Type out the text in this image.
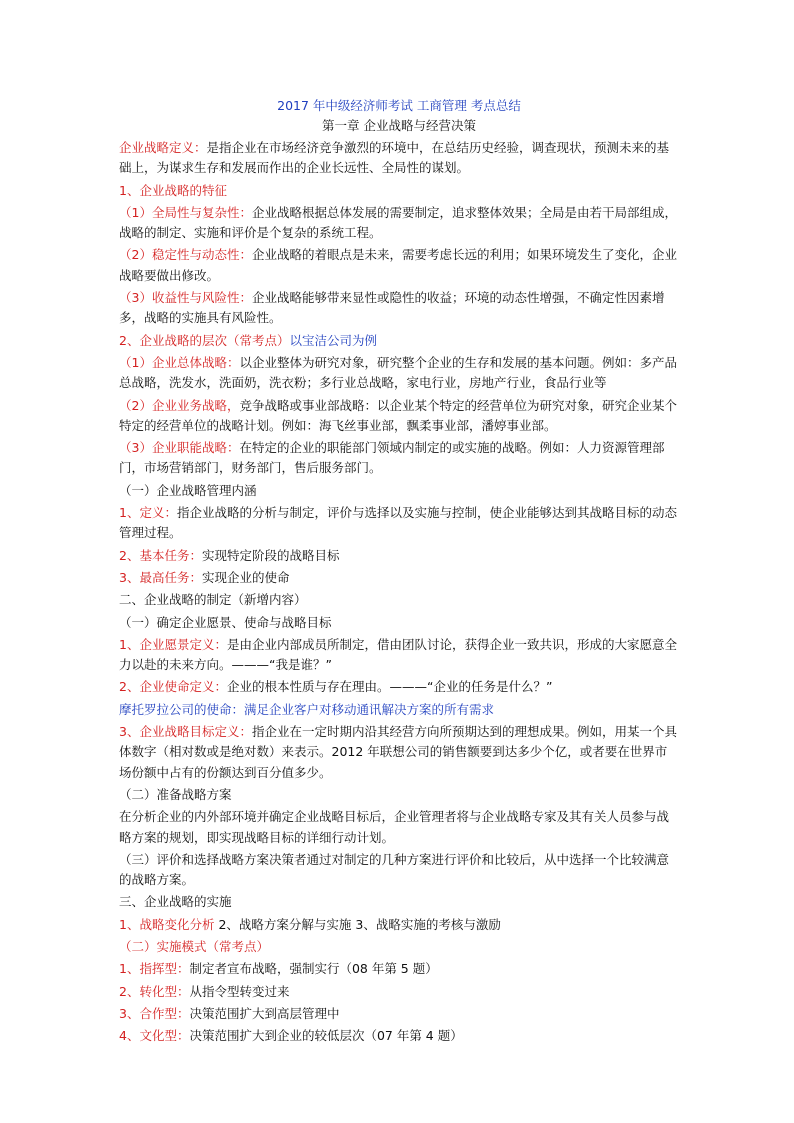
2017 年中级经济师考试 工商管理 考点总结
第一章 企业战略与经营决策
企业战略定义：是指企业在市场经济竞争激烈的环境中，在总结历史经验，调查现状，预测未来的基础上，为谋求生存和发展而作出的企业长远性、全局性的谋划。
1、企业战略的特征
（1）全局性与复杂性：企业战略根据总体发展的需要制定，追求整体效果；全局是由若干局部组成，战略的制定、实施和评价是个复杂的系统工程。
（2）稳定性与动态性：企业战略的着眼点是未来，需要考虑长远的利用；如果环境发生了变化，企业战略要做出修改。
（3）收益性与风险性：企业战略能够带来显性或隐性的收益；环境的动态性增强，不确定性因素增多，战略的实施具有风险性。
2、企业战略的层次（常考点）以宝洁公司为例
（1）企业总体战略：以企业整体为研究对象，研究整个企业的生存和发展的基本问题。例如：多产品总战略，洗发水，洗面奶，洗衣粉；多行业总战略，家电行业，房地产行业，食品行业等
（2）企业业务战略，竞争战略或事业部战略：以企业某个特定的经营单位为研究对象，研究企业某个特定的经营单位的战略计划。例如：海飞丝事业部，飘柔事业部，潘婷事业部。
（3）企业职能战略：在特定的企业的职能部门领域内制定的或实施的战略。例如：人力资源管理部门，市场营销部门，财务部门，售后服务部门。
（一）企业战略管理内涵
1、定义：指企业战略的分析与制定，评价与选择以及实施与控制，使企业能够达到其战略目标的动态管理过程。
2、基本任务：实现特定阶段的战略目标
3、最高任务：实现企业的使命
二、企业战略的制定（新增内容）
（一）确定企业愿景、使命与战略目标
1、企业愿景定义：是由企业内部成员所制定，借由团队讨论，获得企业一致共识，形成的大家愿意全力以赴的未来方向。———“我是谁？”
2、企业使命定义：企业的根本性质与存在理由。———“企业的任务是什么？”
摩托罗拉公司的使命：满足企业客户对移动通讯解决方案的所有需求
3、企业战略目标定义：指企业在一定时期内沿其经营方向所预期达到的理想成果。例如，用某一个具体数字（相对数或是绝对数）来表示。2012 年联想公司的销售额要到达多少个亿，或者要在世界市场份额中占有的份额达到百分值多少。
（二）准备战略方案
在分析企业的内外部环境并确定企业战略目标后，企业管理者将与企业战略专家及其有关人员参与战略方案的规划，即实现战略目标的详细行动计划。
（三）评价和选择战略方案决策者通过对制定的几种方案进行评价和比较后，从中选择一个比较满意的战略方案。
三、企业战略的实施
1、战略变化分析 2、战略方案分解与实施 3、战略实施的考核与激励
（二）实施模式（常考点）
1、指挥型：制定者宣布战略，强制实行（08 年第 5 题）
2、转化型：从指令型转变过来
3、合作型：决策范围扩大到高层管理中
4、文化型：决策范围扩大到企业的较低层次（07 年第 4 题）
